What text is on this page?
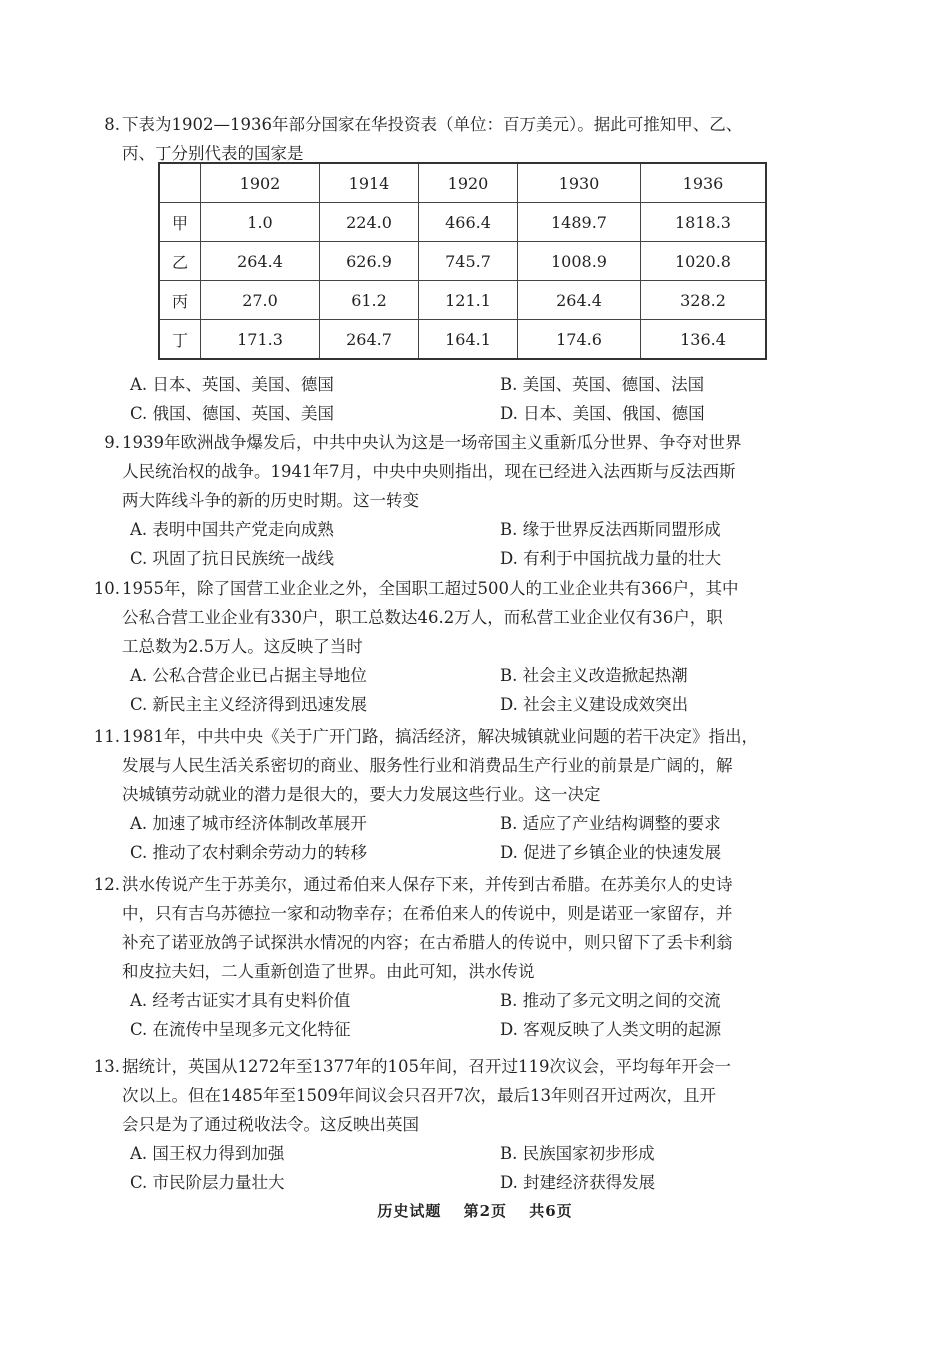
8. 下表为1902—1936年部分国家在华投资表（单位：百万美元）。据此可推知甲、乙、

丙、丁分别代表的国家是

	1902	1914	1920	1930	1936
甲	1.0	224.0	466.4	1489.7	1818.3
乙	264.4	626.9	745.7	1008.9	1020.8
丙	27.0	61.2	121.1	264.4	328.2
丁	171.3	264.7	164.1	174.6	136.4
A. 日本、英国、美国、德国	B. 美国、英国、德国、法国
C. 俄国、德国、英国、美国	D. 日本、美国、俄国、德国

9. 1939年欧洲战争爆发后，中共中央认为这是一场帝国主义重新瓜分世界、争夺对世界

人民统治权的战争。1941年7月，中央中央则指出，现在已经进入法西斯与反法西斯

两大阵线斗争的新的历史时期。这一转变

A. 表明中国共产党走向成熟	B. 缘于世界反法西斯同盟形成
C. 巩固了抗日民族统一战线	D. 有利于中国抗战力量的壮大

10. 1955年，除了国营工业企业之外，全国职工超过500人的工业企业共有366户，其中

公私合营工业企业有330户，职工总数达46.2万人，而私营工业企业仅有36户，职

工总数为2.5万人。这反映了当时

A. 公私合营企业已占据主导地位	B. 社会主义改造掀起热潮
C. 新民主主义经济得到迅速发展	D. 社会主义建设成效突出

11. 1981年，中共中央《关于广开门路，搞活经济，解决城镇就业问题的若干决定》指出，

发展与人民生活关系密切的商业、服务性行业和消费品生产行业的前景是广阔的，解

决城镇劳动就业的潜力是很大的，要大力发展这些行业。这一决定

A. 加速了城市经济体制改革展开	B. 适应了产业结构调整的要求
C. 推动了农村剩余劳动力的转移	D. 促进了乡镇企业的快速发展

12. 洪水传说产生于苏美尔，通过希伯来人保存下来，并传到古希腊。在苏美尔人的史诗

中，只有吉乌苏德拉一家和动物幸存；在希伯来人的传说中，则是诺亚一家留存，并

补充了诺亚放鸽子试探洪水情况的内容；在古希腊人的传说中，则只留下了丢卡利翁

和皮拉夫妇，二人重新创造了世界。由此可知，洪水传说

A. 经考古证实才具有史料价值	B. 推动了多元文明之间的交流
C. 在流传中呈现多元文化特征	D. 客观反映了人类文明的起源

13. 据统计，英国从1272年至1377年的105年间，召开过119次议会，平均每年开会一

次以上。但在1485年至1509年间议会只召开7次，最后13年则召开过两次，且开

会只是为了通过税收法令。这反映出英国

A. 国王权力得到加强	B. 民族国家初步形成
C. 市民阶层力量壮大	D. 封建经济获得发展
历史试题 第2页 共6页
